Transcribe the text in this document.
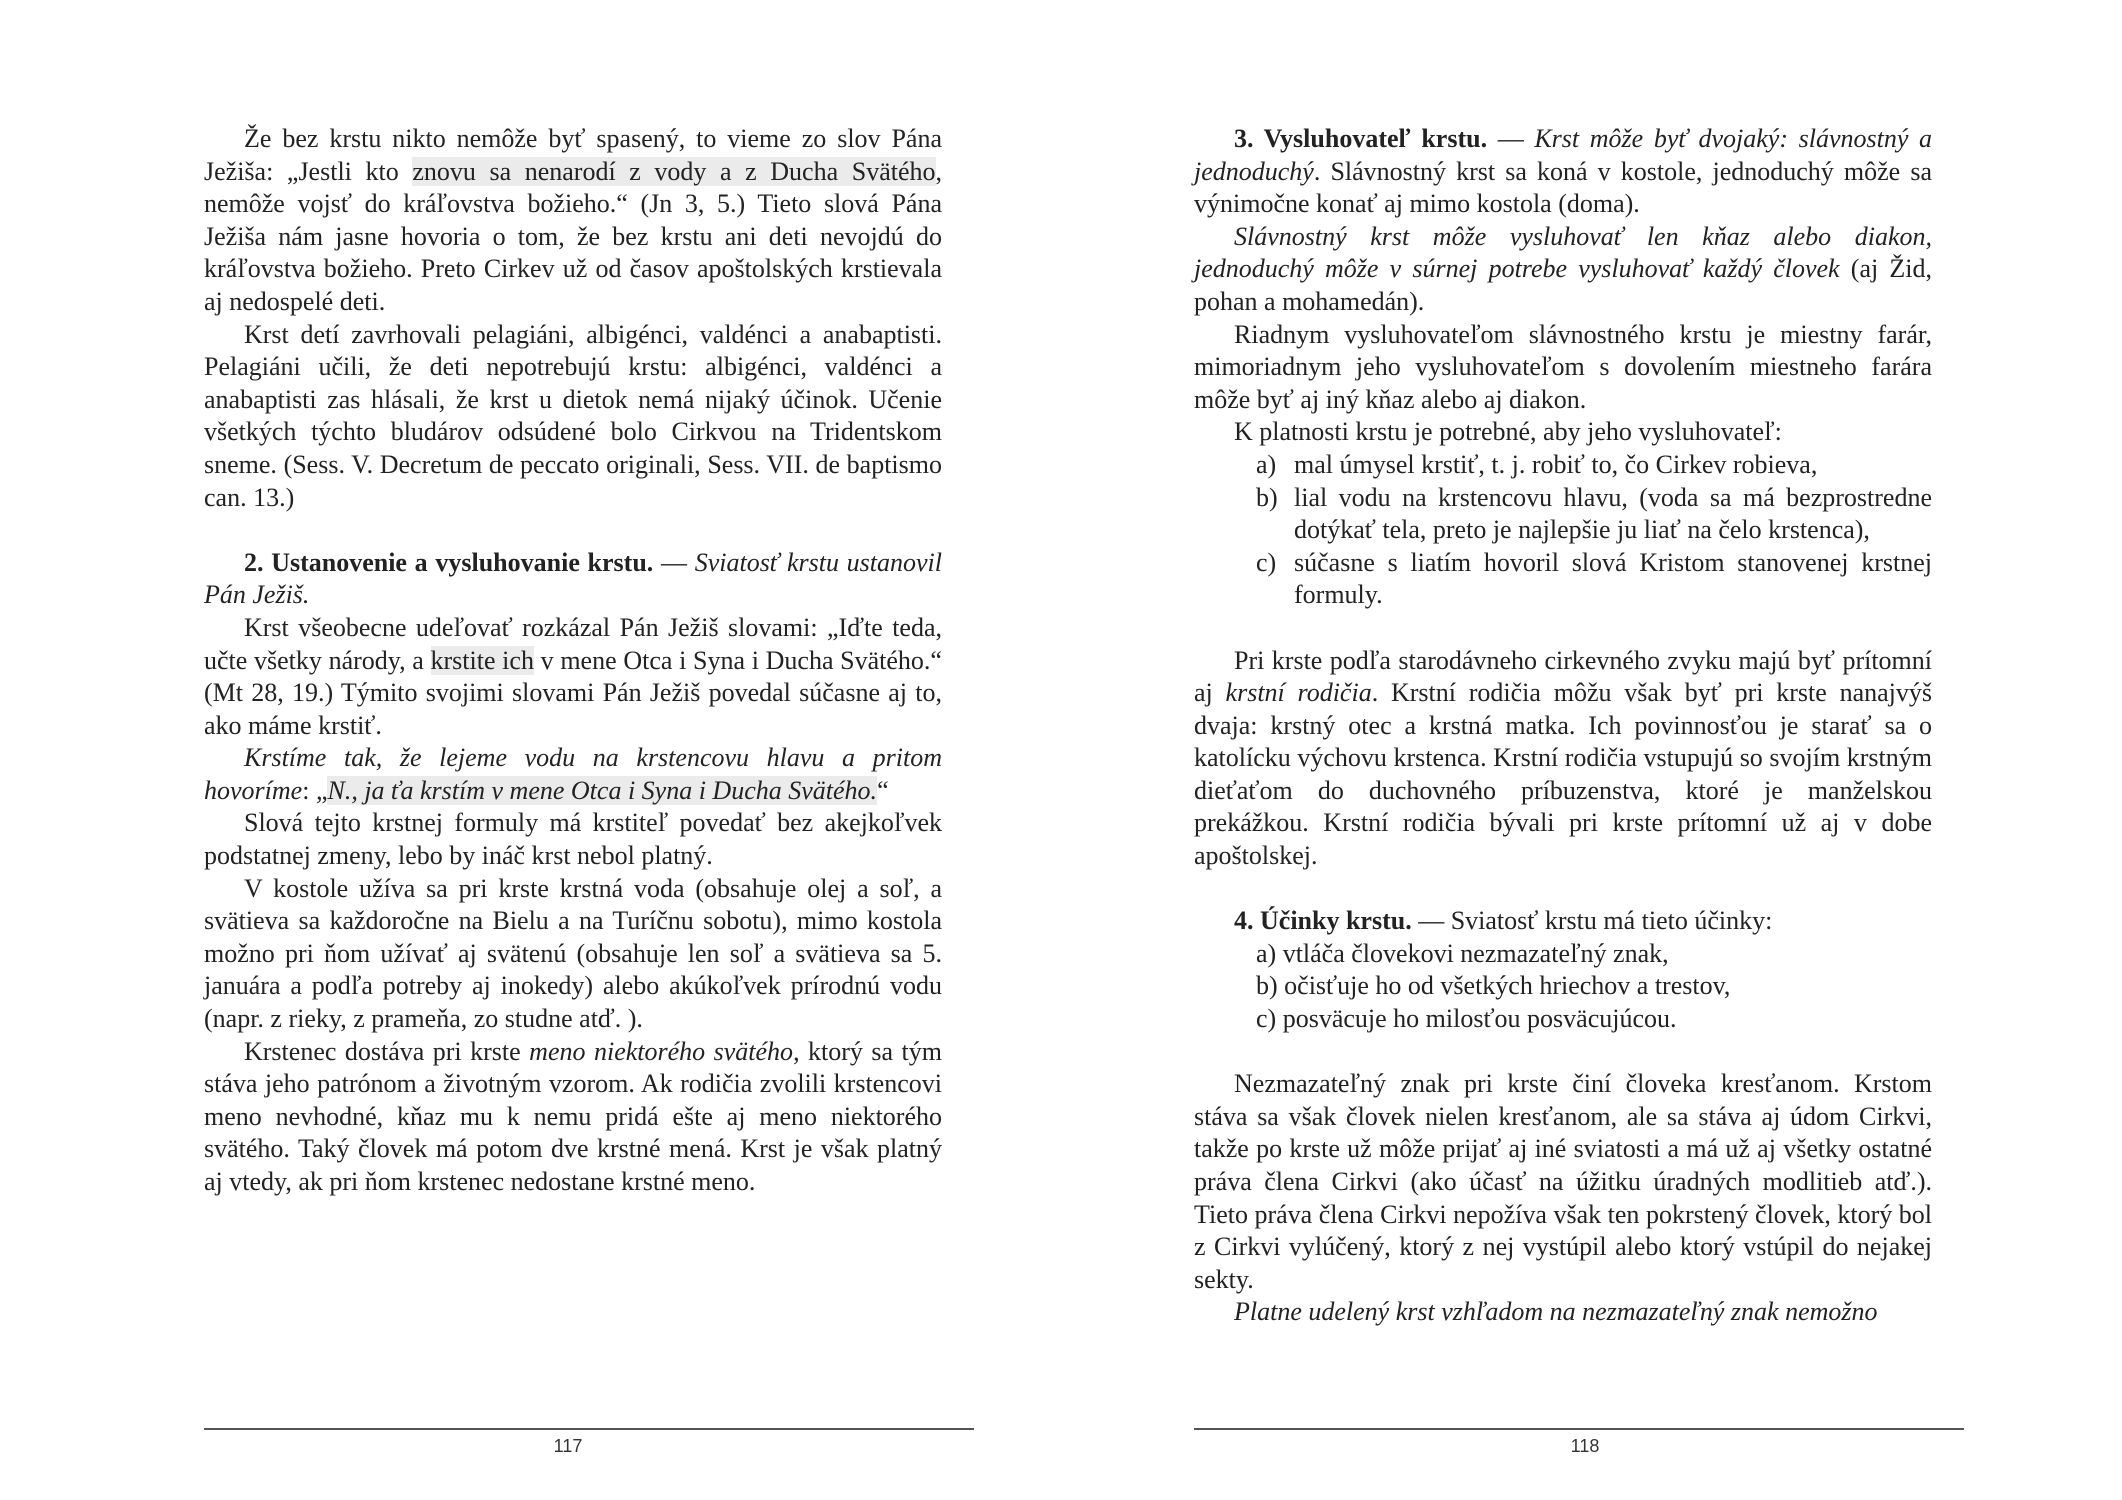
Že bez krstu nikto nemôže byť spasený, to vieme zo slov Pána Ježiša: „Jestli kto znovu sa nenarodí z vody a z Ducha Svätého, nemôže vojsť do kráľovstva božieho.“ (Jn 3, 5.) Tieto slová Pána Ježiša nám jasne hovoria o tom, že bez krstu ani deti nevojdú do kráľovstva božieho. Preto Cirkev už od časov apoštolských krstievala aj nedospelé deti.

Krst detí zavrhovali pelagiáni, albigénci, valdénci a anabaptisti. Pelagiáni učili, že deti nepotrebujú krstu: albigénci, valdénci a anabaptisti zas hlásali, že krst u dietok nemá nijaký účinok. Učenie všetkých týchto bludárov odsúdené bolo Cirkvou na Tridentskom sneme. (Sess. V. Decretum de peccato originali, Sess. VII. de baptismo can. 13.)

2. Ustanovenie a vysluhovanie krstu. — Sviatosť krstu ustanovil Pán Ježiš.

Krst všeobecne udeľovať rozkázal Pán Ježiš slovami: „Iďte teda, učte všetky národy, a krstite ich v mene Otca i Syna i Ducha Svätého.“ (Mt 28, 19.) Týmito svojimi slovami Pán Ježiš povedal súčasne aj to, ako máme krstiť.

Krstíme tak, že lejeme vodu na krstencovu hlavu a pritom hovoríme: „N., ja ťa krstím v mene Otca i Syna i Ducha Svätého.“

Slová tejto krstnej formuly má krstiteľ povedať bez akejkoľvek podstatnej zmeny, lebo by ináč krst nebol platný.

V kostole užíva sa pri krste krstná voda (obsahuje olej a soľ, a svätieva sa každoročne na Bielu a na Turíčnu sobotu), mimo kostola možno pri ňom užívať aj svätenú (obsahuje len soľ a svätieva sa 5. januára a podľa potreby aj inokedy) alebo akúkoľvek prírodnú vodu (napr. z rieky, z prameňa, zo studne atď. ).

Krstenec dostáva pri krste meno niektorého svätého, ktorý sa tým stáva jeho patrónom a životným vzorom. Ak rodičia zvolili krstencovi meno nevhodné, kňaz mu k nemu pridá ešte aj meno niektorého svätého. Taký človek má potom dve krstné mená. Krst je však platný aj vtedy, ak pri ňom krstenec nedostane krstné meno.

117

3. Vysluhovateľ krstu. — Krst môže byť dvojaký: slávnostný a jednoduchý. Slávnostný krst sa koná v kostole, jednoduchý môže sa výnimočne konať aj mimo kostola (doma).

Slávnostný krst môže vysluhovať len kňaz alebo diakon, jednoduchý môže v súrnej potrebe vysluhovať každý človek (aj Žid, pohan a mohamedán).

Riadnym vysluhovateľom slávnostného krstu je miestny farár, mimoriadnym jeho vysluhovateľom s dovolením miestneho farára môže byť aj iný kňaz alebo aj diakon.

K platnosti krstu je potrebné, aby jeho vysluhovateľ:

a) mal úmysel krstiť, t. j. robiť to, čo Cirkev robieva,
b) lial vodu na krstencovu hlavu, (voda sa má bezprostredne dotýkať tela, preto je najlepšie ju liať na čelo krstenca),
c) súčasne s liatím hovoril slová Kristom stanovenej krstnej formuly.

Pri krste podľa starodávneho cirkevného zvyku majú byť prítomní aj krstní rodičia. Krstní rodičia môžu však byť pri krste nanajvýš dvaja: krstný otec a krstná matka. Ich povinnosťou je starať sa o katolícku výchovu krstenca. Krstní rodičia vstupujú so svojím krstným dieťaťom do duchovného príbuzenstva, ktoré je manželskou prekážkou. Krstní rodičia bývali pri krste prítomní už aj v dobe apoštolskej.

4. Účinky krstu. — Sviatosť krstu má tieto účinky:

a) vtláča človekovi nezmazateľný znak,
b) očisťuje ho od všetkých hriechov a trestov,
c) posväcuje ho milosťou posväcujúcou.

Nezmazateľný znak pri krste činí človeka kresťanom. Krstom stáva sa však človek nielen kresťanom, ale sa stáva aj údom Cirkvi, takže po krste už môže prijať aj iné sviatosti a má už aj všetky ostatné práva člena Cirkvi (ako účasť na úžitku úradných modlitieb atď.). Tieto práva člena Cirkvi nepožíva však ten pokrstený človek, ktorý bol z Cirkvi vylúčený, ktorý z nej vystúpil alebo ktorý vstúpil do nejakej sekty.

Platne udelený krst vzhľadom na nezmazateľný znak nemožno

118
